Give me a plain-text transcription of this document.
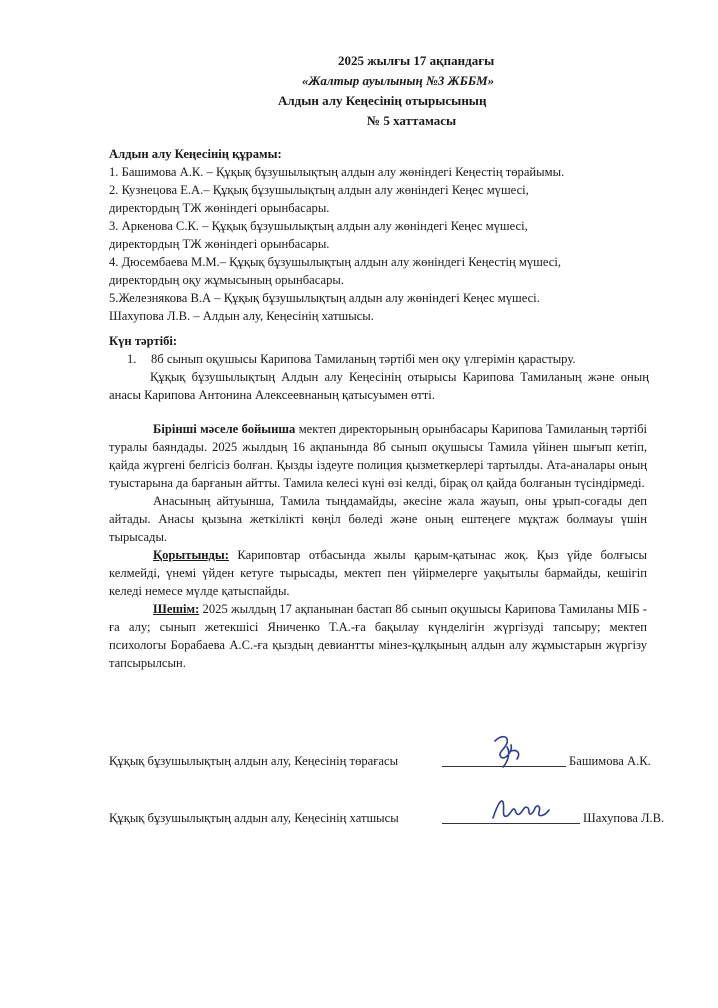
2025 жылғы 17 ақпандағы
«Жалтыр ауылының №3 ЖББМ»
Алдын алу Кеңесінің отырысының
№ 5 хаттамасы
Алдын алу Кеңесінің құрамы:
1. Башимова А.К. – Құқық бұзушылықтың алдын алу жөніндегі Кеңестің төрайымы.
2. Кузнецова Е.А.– Құқық бұзушылықтың алдын алу жөніндегі Кеңес мүшесі,
директордың ТЖ жөніндегі орынбасары.
3. Аркенова С.К. – Құқық бұзушылықтың алдын алу жөніндегі Кеңес мүшесі,
директордың ТЖ жөніндегі орынбасары.
4. Дюсембаева М.М.– Құқық бұзушылықтың алдын алу жөніндегі Кеңестің мүшесі,
директордың оқу жұмысының орынбасары.
5.Железнякова В.А – Құқық бұзушылықтың алдын алу жөніндегі Кеңес мүшесі.
Шахупова Л.В. – Алдын алу, Кеңесінің хатшысы.
Күн тәртібі:
1. 8б сынып оқушысы Карипова Тамиланың тәртібі мен оқу үлгерімін қарастыру.
Құқық бұзушылықтың Алдын алу Кеңесінің отырысы Карипова Тамиланың және оның анасы Карипова Антонина Алексеевнаның қатысуымен өтті.

Бірінші мәселе бойынша мектеп директорының орынбасары Карипова Тамиланың тәртібі туралы баяндады. 2025 жылдың 16 ақпанында 8б сынып оқушысы Тамила үйінен шығып кетіп, қайда жүргені белгісіз болған. Қызды іздеуге полиция қызметкерлері тартылды. Ата-аналары оның туыстарына да барғанын айтты. Тамила келесі күні өзі келді, бірақ ол қайда болғанын түсіндірмеді.

Анасының айтуынша, Тамила тыңдамайды, әкесіне жала жауып, оны ұрып-соғады деп айтады. Анасы қызына жеткілікті көңіл бөледі және оның ештеңеге мұқтаж болмауы үшін тырысады.

Қорытынды: Кариповтар отбасында жылы қарым-қатынас жоқ. Қыз үйде болғысы келмейді, үнемі үйден кетуге тырысады, мектеп пен үйірмелерге уақытылы бармайды, кешігіп келеді немесе мүлде қатыспайды.

Шешім: 2025 жылдың 17 ақпанынан бастап 8б сынып оқушысы Карипова Тамиланы МІБ - ға алу; сынып жетекшісі Яниченко Т.А.-ға бақылау күнделігін жүргізуді тапсыру; мектеп психологы Борабаева А.С.-ға қыздың девиантты мінез-құлқының алдын алу жұмыстарын жүргізу тапсырылсын.

Құқық бұзушылықтың алдын алу, Кеңесінің төрағасы	Башимова А.К.
Құқық бұзушылықтың алдын алу, Кеңесінің хатшысы	Шахупова Л.В.
